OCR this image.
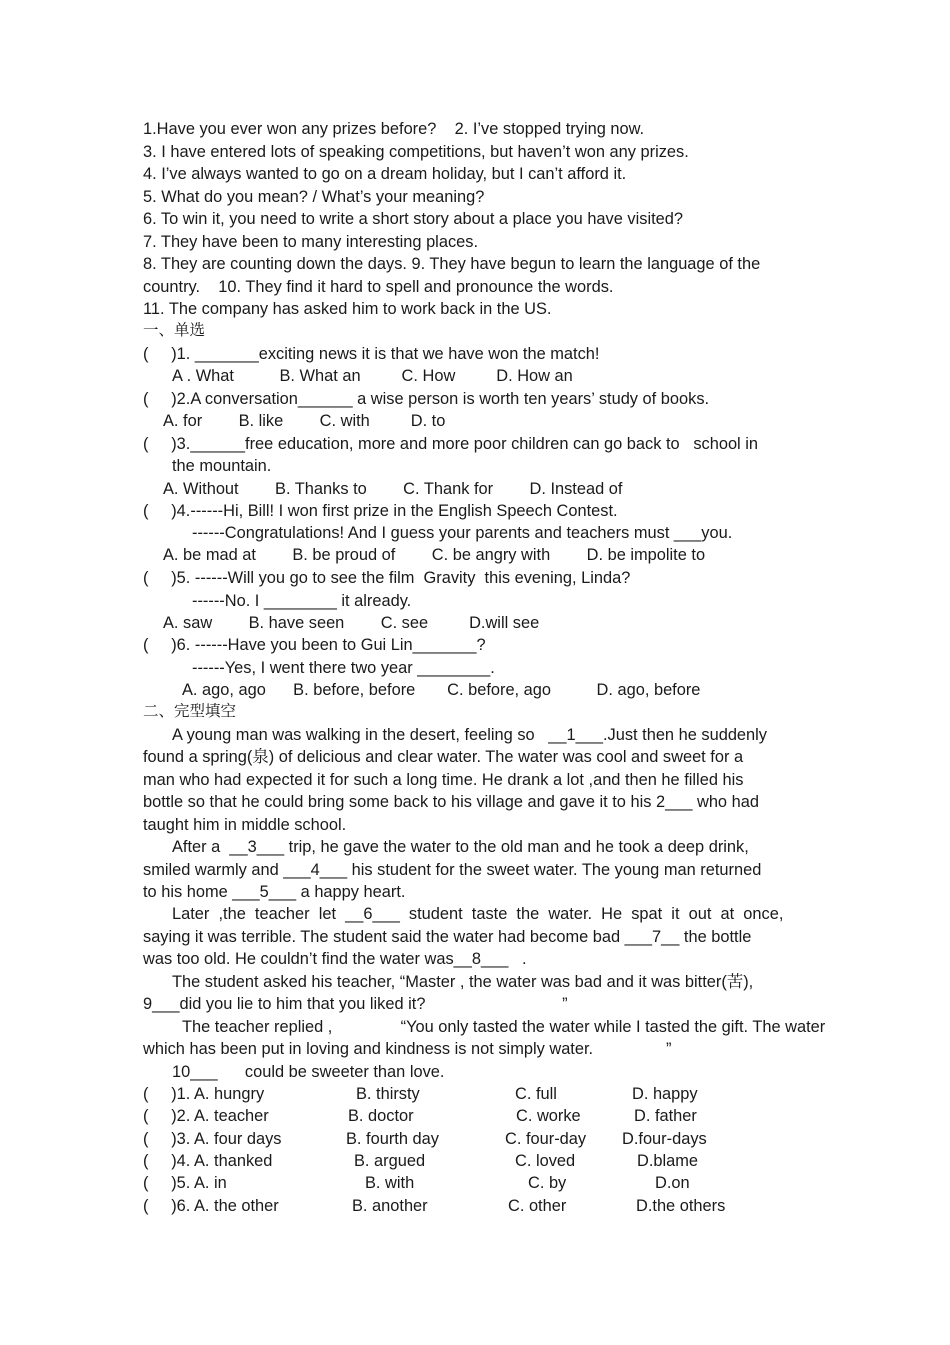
1.Have you ever won any prizes before?    2. I’ve stopped trying now.
3. I have entered lots of speaking competitions, but haven’t won any prizes.
4. I’ve always wanted to go on a dream holiday, but I can’t afford it.
5. What do you mean? / What’s your meaning?
6. To win it, you need to write a short story about a place you have visited?
7. They have been to many interesting places.
8. They are counting down the days. 9. They have begun to learn the language of the
country.    10. They find it hard to spell and pronounce the words.
11. The company has asked him to work back in the US.
一、单选
(     )1. _______exciting news it is that we have won the match!
A . What          B. What an         C. How         D. How an
(     )2.A conversation______ a wise person is worth ten years’ study of books.
A. for        B. like        C. with         D. to
(     )3.______free education, more and more poor children can go back to   school in
the mountain.
A. Without        B. Thanks to        C. Thank for        D. Instead of
(     )4.------Hi, Bill! I won first prize in the English Speech Contest.
------Congratulations! And I guess your parents and teachers must ___you.
A. be mad at        B. be proud of        C. be angry with        D. be impolite to
(     )5. ------Will you go to see the film  Gravity  this evening, Linda?
------No. I ________ it already.
A. saw        B. have seen        C. see         D.will see
(     )6. ------Have you been to Gui Lin_______?
------Yes, I went there two year ________.
A. ago, ago      B. before, before       C. before, ago          D. ago, before
二、完型填空
A young man was walking in the desert, feeling so   __1___.Just then he suddenly
found a spring(泉) of delicious and clear water. The water was cool and sweet for a
man who had expected it for such a long time. He drank a lot ,and then he filled his
bottle so that he could bring some back to his village and gave it to his 2___ who had
taught him in middle school.
After a  __3___ trip, he gave the water to the old man and he took a deep drink,
smiled warmly and ___4___ his student for the sweet water. The young man returned
to his home ___5___ a happy heart.
Later  ,the  teacher  let  __6___  student  taste  the  water.  He  spat  it  out  at  once,
saying it was terrible. The student said the water had become bad ___7__ the bottle
was too old. He couldn’t find the water was__8___   .
The student asked his teacher, “Master , the water was bad and it was bitter(苦),
9___did you lie to him that you liked it?                              ”
The teacher replied ,               “You only tasted the water while I tasted the gift. The water
which has been put in loving and kindness is not simply water.                ”
10___      could be sweeter than love.
(     )1. A. hungry	B. thirsty	C. full	D. happy
(     )2. A. teacher	B. doctor	C. worke	D. father
(     )3. A. four days	B. fourth day	C. four-day D.four-days
(     )4. A. thanked	B. argued	C. loved	D.blame
(     )5. A. in	B. with	C. by	D.on
(     )6. A. the other	B. another	C. other	D.the others
